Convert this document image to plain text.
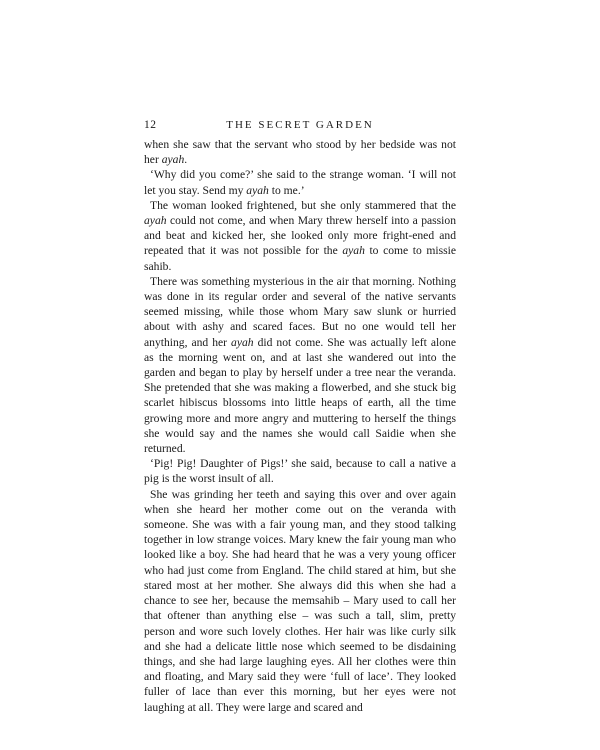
12	THE SECRET GARDEN

when she saw that the servant who stood by her bedside was not her ayah.

‘Why did you come?’ she said to the strange woman. ‘I will not let you stay. Send my ayah to me.’

The woman looked frightened, but she only stammered that the ayah could not come, and when Mary threw herself into a passion and beat and kicked her, she looked only more fright-ened and repeated that it was not possible for the ayah to come to missie sahib.

There was something mysterious in the air that morning. Nothing was done in its regular order and several of the native servants seemed missing, while those whom Mary saw slunk or hurried about with ashy and scared faces. But no one would tell her anything, and her ayah did not come. She was actually left alone as the morning went on, and at last she wandered out into the garden and began to play by herself under a tree near the veranda. She pretended that she was making a flowerbed, and she stuck big scarlet hibiscus blossoms into little heaps of earth, all the time growing more and more angry and muttering to herself the things she would say and the names she would call Saidie when she returned.

‘Pig! Pig! Daughter of Pigs!’ she said, because to call a native a pig is the worst insult of all.

She was grinding her teeth and saying this over and over again when she heard her mother come out on the veranda with someone. She was with a fair young man, and they stood talking together in low strange voices. Mary knew the fair young man who looked like a boy. She had heard that he was a very young officer who had just come from England. The child stared at him, but she stared most at her mother. She always did this when she had a chance to see her, because the memsahib – Mary used to call her that oftener than anything else – was such a tall, slim, pretty person and wore such lovely clothes. Her hair was like curly silk and she had a delicate little nose which seemed to be disdaining things, and she had large laughing eyes. All her clothes were thin and floating, and Mary said they were ‘full of lace’. They looked fuller of lace than ever this morning, but her eyes were not laughing at all. They were large and scared and
